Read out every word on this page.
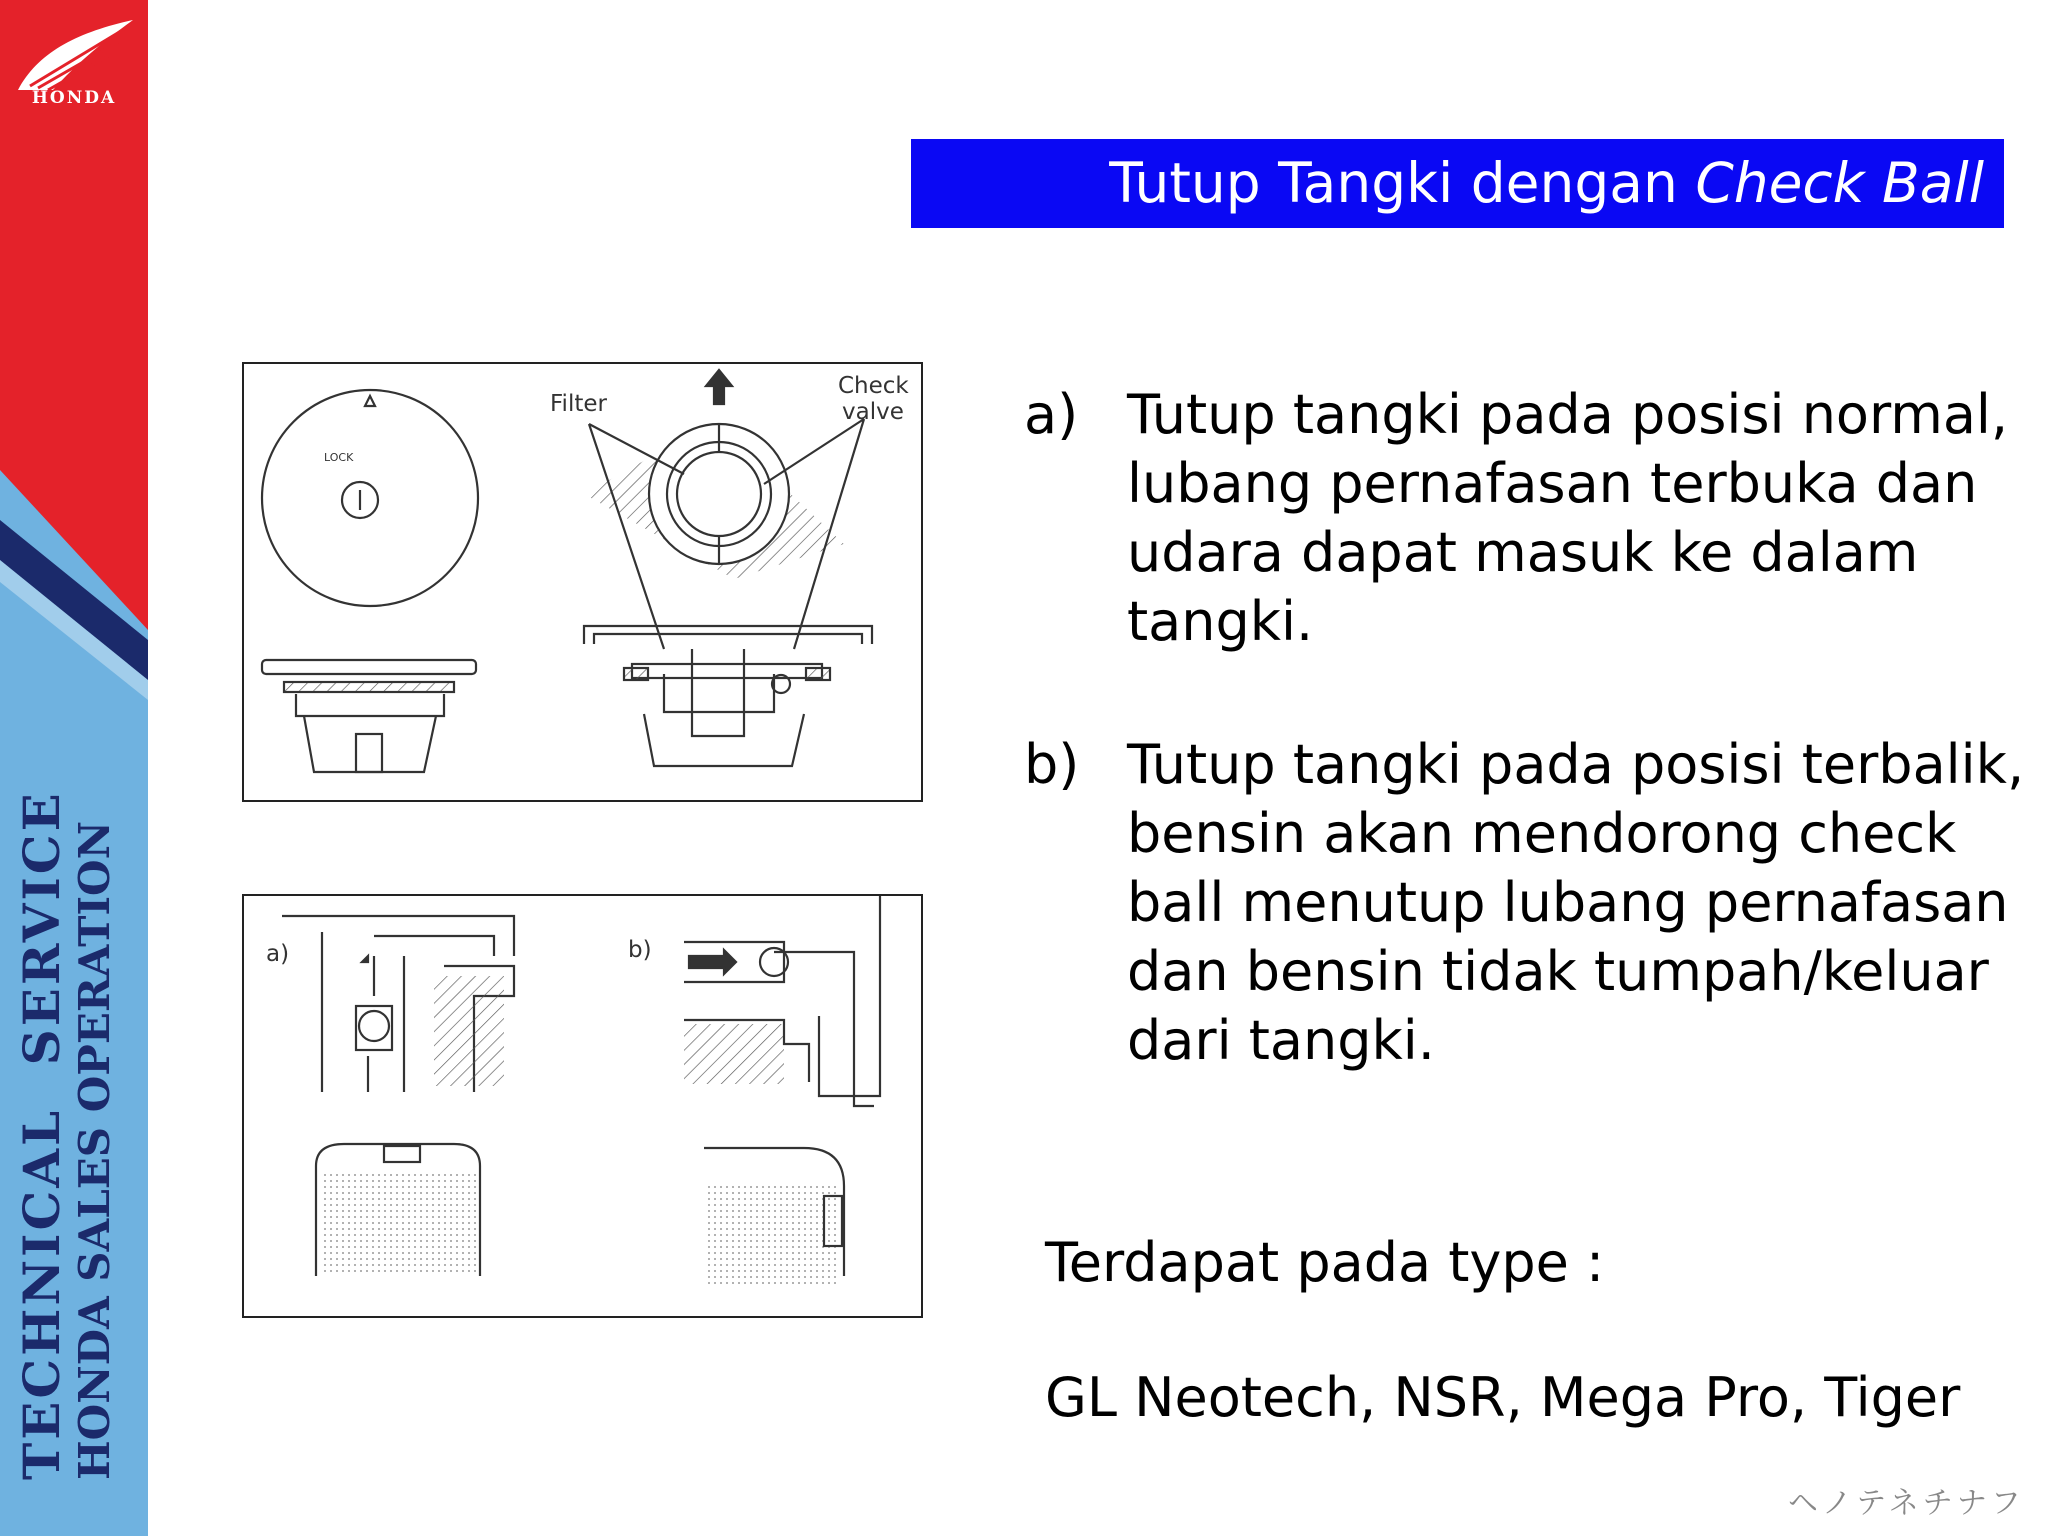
HONDA
TECHNICAL SERVICE HONDA SALES OPERATION
Tutup Tangki dengan Check Ball
Filter
Check
valve
LOCK
a)	b)
a) Tutup tangki pada posisi normal, lubang pernafasan terbuka dan udara dapat masuk ke dalam tangki.
b) Tutup tangki pada posisi terbalik, bensin akan mendorong check ball menutup lubang pernafasan dan bensin tidak tumpah/keluar dari tangki.
Terdapat pada type :
GL Neotech, NSR, Mega Pro, Tiger
ヘノテネチナフ
